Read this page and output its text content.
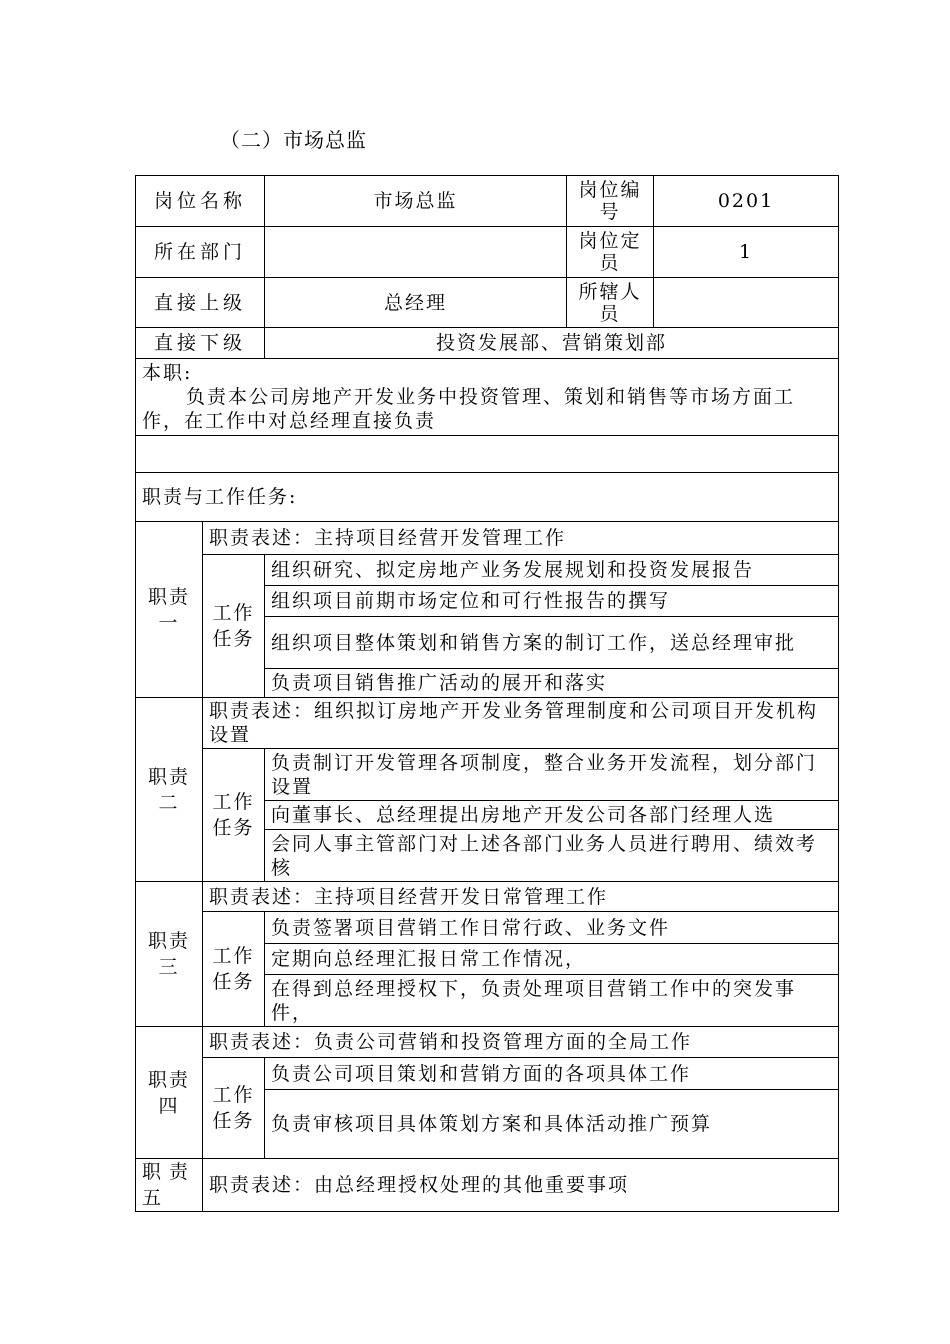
（二）市场总监
岗位名称		市场总监	岗位编号	0201
所在部门			岗位定员	1
直接上级		总经理	所辖人员	
直接下级		投资发展部、营销策划部		

本职:
负责本公司房地产开发业务中投资管理、策划和销售等市场方面工作，在工作中对总经理直接负责				

职责与工作任务:				
职责一	职责表述：主持项目经营开发管理工作			
	工作任务	组织研究、拟定房地产业务发展规划和投资发展报告		
		组织项目前期市场定位和可行性报告的撰写		
		组织项目整体策划和销售方案的制订工作，送总经理审批		
		负责项目销售推广活动的展开和落实		
职责二	职责表述：组织拟订房地产开发业务管理制度和公司项目开发机构设置			
	工作任务	负责制订开发管理各项制度，整合业务开发流程，划分部门设置		
		向董事长、总经理提出房地产开发公司各部门经理人选		
		会同人事主管部门对上述各部门业务人员进行聘用、绩效考核		
职责三	职责表述：主持项目经营开发日常管理工作			
	工作任务	负责签署项目营销工作日常行政、业务文件		
		定期向总经理汇报日常工作情况，		
		在得到总经理授权下，负责处理项目营销工作中的突发事件，		
职责四	职责表述：负责公司营销和投资管理方面的全局工作			
	工作任务	负责公司项目策划和营销方面的各项具体工作		
		负责审核项目具体策划方案和具体活动推广预算		
职责五	职责表述：由总经理授权处理的其他重要事项			
